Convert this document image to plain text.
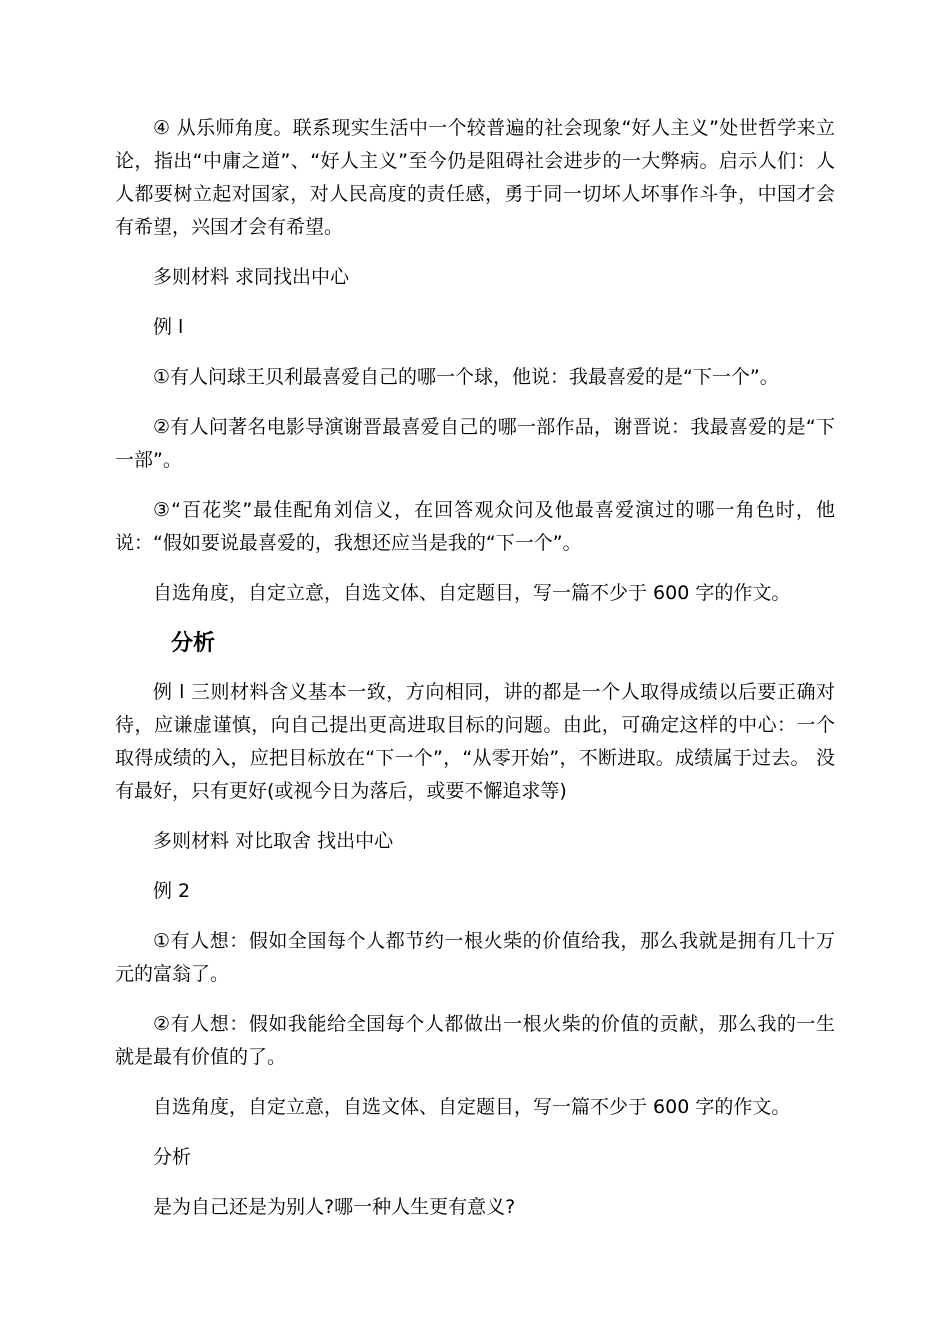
④ 从乐师角度。联系现实生活中一个较普遍的社会现象“好人主义”处世哲学来立论，指出“中庸之道”、“好人主义”至今仍是阻碍社会进步的一大弊病。启示人们：人人都要树立起对国家，对人民高度的责任感，勇于同一切坏人坏事作斗争，中国才会有希望，兴国才会有希望。

多则材料 求同找出中心

例 l

①有人问球王贝利最喜爱自己的哪一个球，他说：我最喜爱的是“下一个”。

②有人问著名电影导演谢晋最喜爱自己的哪一部作品，谢晋说：我最喜爱的是“下一部”。

③“百花奖”最佳配角刘信义，在回答观众问及他最喜爱演过的哪一角色时，他说：“假如要说最喜爱的，我想还应当是我的“下一个”。

自选角度，自定立意，自选文体、自定题目，写一篇不少于 600 字的作文。

分析

例 l 三则材料含义基本一致，方向相同，讲的都是一个人取得成绩以后要正确对待，应谦虚谨慎，向自己提出更高进取目标的问题。由此，可确定这样的中心：一个取得成绩的入，应把目标放在“下一个”，“从零开始”，不断进取。成绩属于过去。 没有最好，只有更好(或视今日为落后，或要不懈追求等)

多则材料 对比取舍 找出中心

例 2

①有人想：假如全国每个人都节约一根火柴的价值给我，那么我就是拥有几十万元的富翁了。

②有人想：假如我能给全国每个人都做出一根火柴的价值的贡献，那么我的一生就是最有价值的了。

自选角度，自定立意，自选文体、自定题目，写一篇不少于 600 字的作文。

分析

是为自己还是为别人?哪一种人生更有意义?
